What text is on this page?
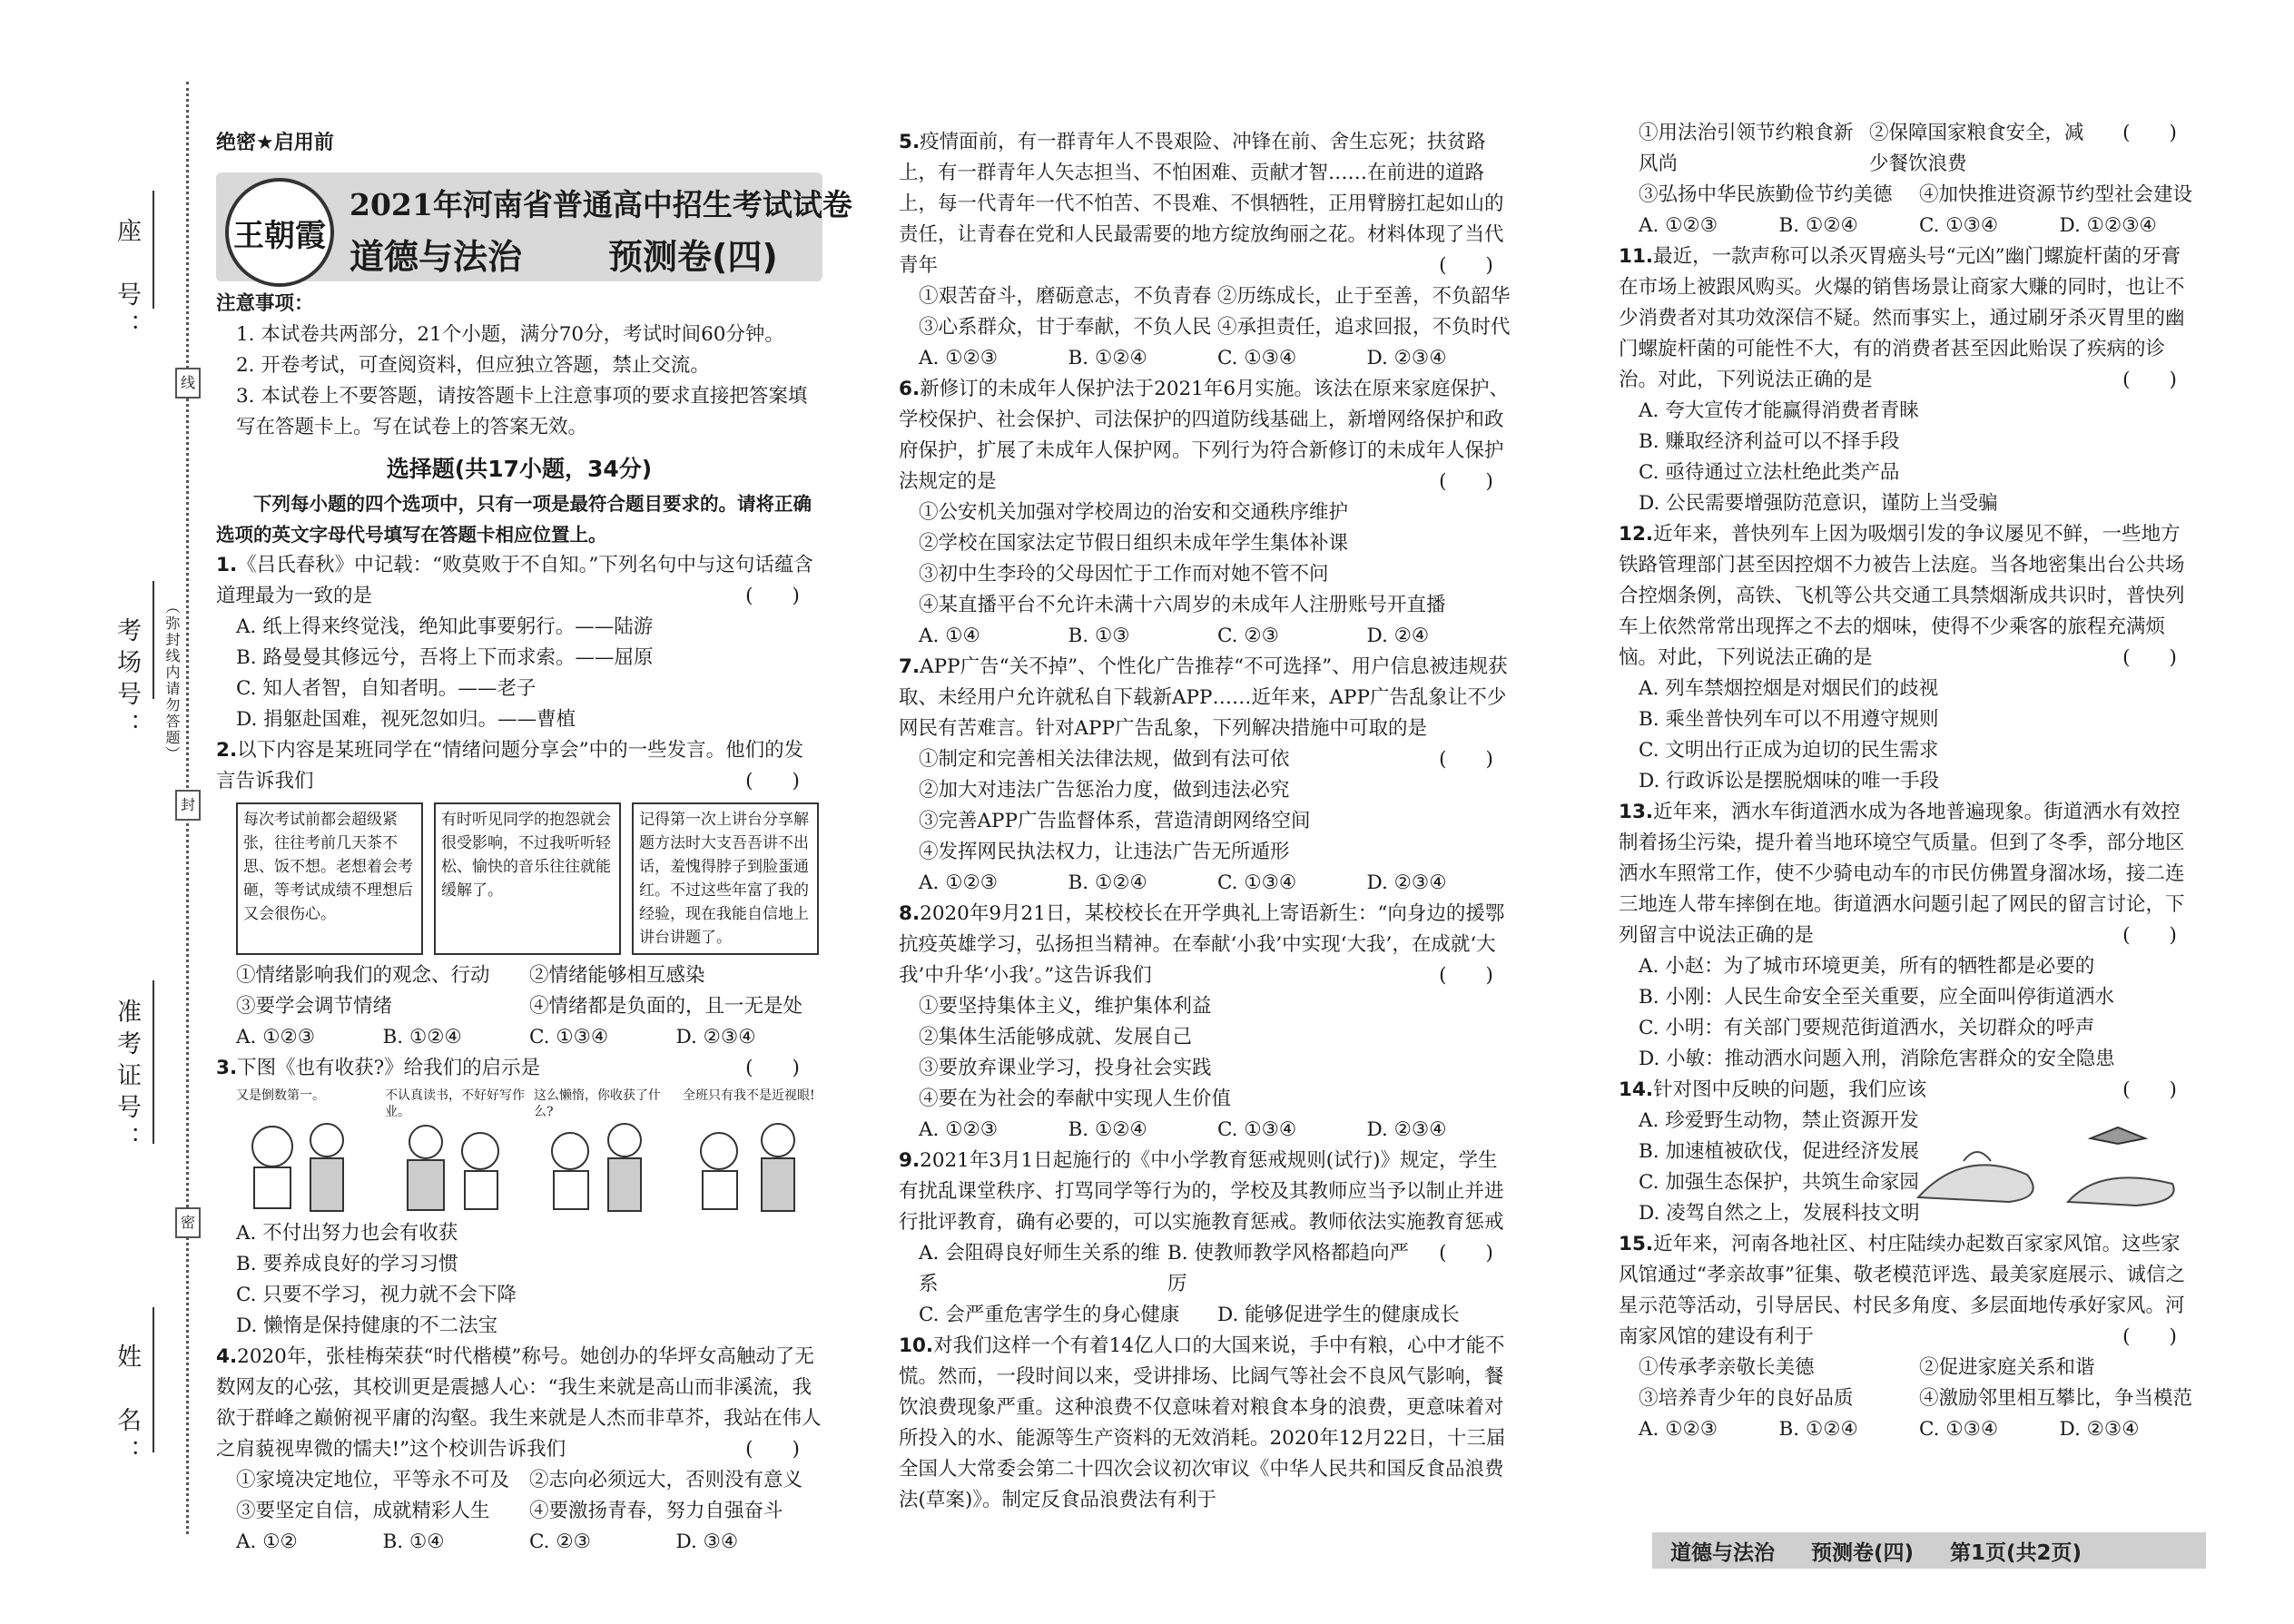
座　号：
考场号：
准考证号：
姓　名：
线
封
密
（弥封线内请勿答题）
绝密★启用前
王朝霞
2021年河南省普通高中招生考试试卷
道德与法治 预测卷(四)
注意事项：
1. 本试卷共两部分，21个小题，满分70分，考试时间60分钟。
2. 开卷考试，可查阅资料，但应独立答题，禁止交流。
3. 本试卷上不要答题，请按答题卡上注意事项的要求直接把答案填写在答题卡上。写在试卷上的答案无效。
选择题(共17小题，34分)
下列每小题的四个选项中，只有一项是最符合题目要求的。请将正确选项的英文字母代号填写在答题卡相应位置上。
1.《吕氏春秋》中记载：“败莫败于不自知。”下列名句中与这句话蕴含道理最为一致的是	(　　)
A. 纸上得来终觉浅，绝知此事要躬行。——陆游
B. 路曼曼其修远兮，吾将上下而求索。——屈原
C. 知人者智，自知者明。——老子
D. 捐躯赴国难，视死忽如归。——曹植
2.以下内容是某班同学在“情绪问题分享会”中的一些发言。他们的发言告诉我们	(　　)
每次考试前都会超级紧张，往往考前几天茶不思、饭不想。老想着会考砸，等考试成绩不理想后又会很伤心。
有时听见同学的抱怨就会很受影响，不过我听听轻松、愉快的音乐往往就能缓解了。
记得第一次上讲台分享解题方法时大支吾吾讲不出话，羞愧得脖子到脸蛋通红。不过这些年富了我的经验，现在我能自信地上讲台讲题了。
①情绪影响我们的观念、行动	②情绪能够相互感染
③要学会调节情绪	④情绪都是负面的，且一无是处
A. ①②③	B. ①②④	C. ①③④	D. ②③④
3.下图《也有收获?》给我们的启示是	(　　)
又是倒数第一。	不认真读书，不好好写作业。
这么懒惰，你收获了什么?
全班只有我不是近视眼!
A. 不付出努力也会有收获
B. 要养成良好的学习习惯
C. 只要不学习，视力就不会下降
D. 懒惰是保持健康的不二法宝
4.2020年，张桂梅荣获“时代楷模”称号。她创办的华坪女高触动了无数网友的心弦，其校训更是震撼人心：“我生来就是高山而非溪流，我欲于群峰之巅俯视平庸的沟壑。我生来就是人杰而非草芥，我站在伟人之肩藐视卑微的懦夫!”这个校训告诉我们	(　　)
①家境决定地位，平等永不可及	②志向必须远大，否则没有意义
③要坚定自信，成就精彩人生	④要激扬青春，努力自强奋斗
A. ①②	B. ①④	C. ②③	D. ③④
5.疫情面前，有一群青年人不畏艰险、冲锋在前、舍生忘死；扶贫路上，有一群青年人矢志担当、不怕困难、贡献才智……在前进的道路上，每一代青年一代不怕苦、不畏难、不惧牺牲，正用臂膀扛起如山的责任，让青春在党和人民最需要的地方绽放绚丽之花。材料体现了当代青年	(　　)
①艰苦奋斗，磨砺意志，不负青春 ②历练成长，止于至善，不负韶华
③心系群众，甘于奉献，不负人民 ④承担责任，追求回报，不负时代
A. ①②③	B. ①②④	C. ①③④	D. ②③④
6.新修订的未成年人保护法于2021年6月实施。该法在原来家庭保护、学校保护、社会保护、司法保护的四道防线基础上，新增网络保护和政府保护，扩展了未成年人保护网。下列行为符合新修订的未成年人保护法规定的是	(　　)
①公安机关加强对学校周边的治安和交通秩序维护
②学校在国家法定节假日组织未成年学生集体补课
③初中生李玲的父母因忙于工作而对她不管不问
④某直播平台不允许未满十六周岁的未成年人注册账号开直播
A. ①④	B. ①③	C. ②③	D. ②④
7.APP广告“关不掉”、个性化广告推荐“不可选择”、用户信息被违规获取、未经用户允许就私自下载新APP……近年来，APP广告乱象让不少网民有苦难言。针对APP广告乱象，下列解决措施中可取的是
(　　)
①制定和完善相关法律法规，做到有法可依
②加大对违法广告惩治力度，做到违法必究
③完善APP广告监督体系，营造清朗网络空间
④发挥网民执法权力，让违法广告无所遁形
A. ①②③	B. ①②④	C. ①③④	D. ②③④
8.2020年9月21日，某校校长在开学典礼上寄语新生：“向身边的援鄂抗疫英雄学习，弘扬担当精神。在奉献‘小我’中实现‘大我’，在成就‘大我’中升华‘小我’。”这告诉我们	(　　)
①要坚持集体主义，维护集体利益
②集体生活能够成就、发展自己
③要放弃课业学习，投身社会实践
④要在为社会的奉献中实现人生价值
A. ①②③	B. ①②④	C. ①③④	D. ②③④
9.2021年3月1日起施行的《中小学教育惩戒规则(试行)》规定，学生有扰乱课堂秩序、打骂同学等行为的，学校及其教师应当予以制止并进行批评教育，确有必要的，可以实施教育惩戒。教师依法实施教育惩戒
(　　)
A. 会阻碍良好师生关系的维系
B. 使教师教学风格都趋向严厉
C. 会严重危害学生的身心健康	D. 能够促进学生的健康成长
10.对我们这样一个有着14亿人口的大国来说，手中有粮，心中才能不慌。然而，一段时间以来，受讲排场、比阔气等社会不良风气影响，餐饮浪费现象严重。这种浪费不仅意味着对粮食本身的浪费，更意味着对所投入的水、能源等生产资料的无效消耗。2020年12月22日，十三届全国人大常委会第二十四次会议初次审议《中华人民共和国反食品浪费法(草案)》。制定反食品浪费法有利于
(　　)
①用法治引领节约粮食新风尚
②保障国家粮食安全，减少餐饮浪费
③弘扬中华民族勤俭节约美德	④加快推进资源节约型社会建设
A. ①②③	B. ①②④	C. ①③④	D. ①②③④
11.最近，一款声称可以杀灭胃癌头号“元凶”幽门螺旋杆菌的牙膏在市场上被跟风购买。火爆的销售场景让商家大赚的同时，也让不少消费者对其功效深信不疑。然而事实上，通过刷牙杀灭胃里的幽门螺旋杆菌的可能性不大，有的消费者甚至因此贻误了疾病的诊治。对此，下列说法正确的是	(　　)
A. 夸大宣传才能赢得消费者青睐
B. 赚取经济利益可以不择手段
C. 亟待通过立法杜绝此类产品
D. 公民需要增强防范意识，谨防上当受骗
12.近年来，普快列车上因为吸烟引发的争议屡见不鲜，一些地方铁路管理部门甚至因控烟不力被告上法庭。当各地密集出台公共场合控烟条例，高铁、飞机等公共交通工具禁烟渐成共识时，普快列车上依然常常出现挥之不去的烟味，使得不少乘客的旅程充满烦恼。对此，下列说法正确的是	(　　)
A. 列车禁烟控烟是对烟民们的歧视
B. 乘坐普快列车可以不用遵守规则
C. 文明出行正成为迫切的民生需求
D. 行政诉讼是摆脱烟味的唯一手段
13.近年来，洒水车街道洒水成为各地普遍现象。街道洒水有效控制着扬尘污染，提升着当地环境空气质量。但到了冬季，部分地区洒水车照常工作，使不少骑电动车的市民仿佛置身溜冰场，接二连三地连人带车摔倒在地。街道洒水问题引起了网民的留言讨论，下列留言中说法正确的是	(　　)
A. 小赵：为了城市环境更美，所有的牺牲都是必要的
B. 小刚：人民生命安全至关重要，应全面叫停街道洒水
C. 小明：有关部门要规范街道洒水，关切群众的呼声
D. 小敏：推动洒水问题入刑，消除危害群众的安全隐患
14.针对图中反映的问题，我们应该	(　　)
A. 珍爱野生动物，禁止资源开发
B. 加速植被砍伐，促进经济发展
C. 加强生态保护，共筑生命家园
D. 凌驾自然之上，发展科技文明
15.近年来，河南各地社区、村庄陆续办起数百家家风馆。这些家风馆通过“孝亲故事”征集、敬老模范评选、最美家庭展示、诚信之星示范等活动，引导居民、村民多角度、多层面地传承好家风。河南家风馆的建设有利于	(　　)
①传承孝亲敬长美德	②促进家庭关系和谐
③培养青少年的良好品质	④激励邻里相互攀比，争当模范
A. ①②③	B. ①②④	C. ①③④	D. ②③④
道德与法治 预测卷(四) 第1页(共2页)
